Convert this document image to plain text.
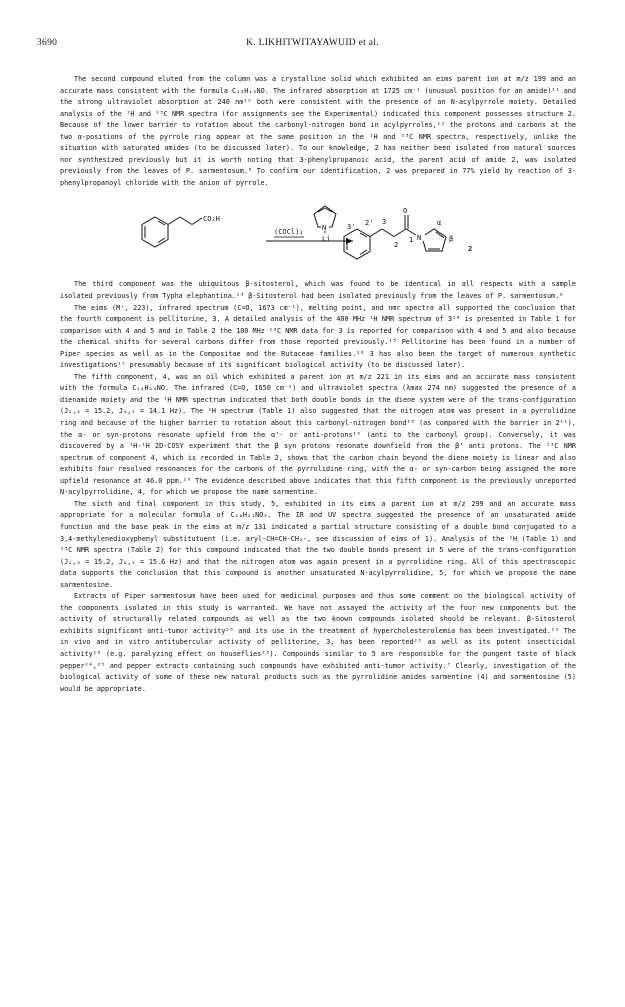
3690	K. LIKHITWITAYAWUID et al.

The second compound eluted from the column was a crystalline solid which exhibited an eims parent ion at m/z 199 and an accurate mass consistent with the formula C₁₃H₁₃NO. The infrared absorption at 1725 cm⁻¹ (unusual position for an amide)¹¹ and the strong ultraviolet absorption at 240 nm¹² both were consistent with the presence of an N-acylpyrrole moiety. Detailed analysis of the ¹H and ¹³C NMR spectra (for assignments see the Experimental) indicated this component possesses structure 2. Because of the lower barrier to rotation about the carbonyl-nitrogen bond in acylpyrroles,¹¹ the protons and carbons at the two α-positions of the pyrrole ring appear at the same position in the ¹H and ¹³C NMR spectra, respectively, unlike the situation with saturated amides (to be discussed later). To our knowledge, 2 has neither been isolated from natural sources nor synthesized previously but it is worth noting that 3-phenylpropanoic acid, the parent acid of amide 2, was isolated previously from the leaves of P. sarmentosum.⁶ To confirm our identification, 2 was prepared in 77% yield by reaction of 3-phenylpropanoyl chloride with the anion of pyrrole.

CO₂H
(COCl)₂	N
Li
3' 2' 3
2
1
O
N
α
β
2

The third component was the ubiquitous β-sitosterol, which was found to be identical in all respects with a sample isolated previously from Typha elephantina.¹³ β-Sitosterol had been isolated previously from the leaves of P. sarmentosum.⁶

The eims (M⁺, 223), infrared spectrum (C=O, 1673 cm⁻¹), melting point, and nmr spectra all supported the conclusion that the fourth component is pellitorine, 3. A detailed analysis of the 400 MHz ¹H NMR spectrum of 3¹⁴ is presented in Table 1 for comparison with 4 and 5 and in Table 2 the 100 MHz ¹³C NMR data for 3 is reported for comparison with 4 and 5 and also because the chemical shifts for several carbons differ from those reported previously.¹⁵ Pellitorine has been found in a number of Piper species as well as in the Compositae and the Rutaceae families.¹⁶ 3 has also been the target of numerous synthetic investigations¹⁷ presumably because of its significant biological activity (to be discussed later).

The fifth component, 4, was an oil which exhibited a parent ion at m/z 221 in its eims and an accurate mass consistent with the formula C₁₄H₂₃NO. The infrared (C=O, 1650 cm⁻¹) and ultraviolet spectra (λmax 274 nm) suggested the presence of a dienamide moiety and the ¹H NMR spectrum indicated that both double bonds in the diene system were of the trans-configuration (J₂,₃ = 15.2, J₄,₅ = 14.1 Hz). The ¹H spectrum (Table 1) also suggested that the nitrogen atom was present in a pyrrolidine ring and because of the higher barrier to rotation about this carbonyl-nitrogen bond¹⁸ (as compared with the barrier in 2¹¹), the α- or syn-protons resonate upfield from the α'- or anti-protons¹⁹ (anti to the carbonyl group). Conversely, it was discovered by a ¹H-¹H 2D-COSY experiment that the β syn protons resonate downfield from the β' anti protons. The ¹³C NMR spectrum of component 4, which is recorded in Table 2, shows that the carbon chain beyond the diene moiety is linear and also exhibits four resolved resonances for the carbons of the pyrrolidine ring, with the α- or syn-carbon being assigned the more upfield resonance at 46.0 ppm.¹⁹ The evidence described above indicates that this fifth component is the previously unreported N-acylpyrrolidine, 4, for which we propose the name sarmentine.

The sixth and final component in this study, 5, exhibited in its eims a parent ion at m/z 299 and an accurate mass appropriate for a molecular formula of C₁₈H₂₁NO₃. The IR and UV spectra suggested the presence of an unsaturated amide function and the base peak in the eims at m/z 131 indicated a partial structure consisting of a double bond conjugated to a 3,4-methylenedioxyphenyl substitutuent (i.e. aryl-CH=CH-CH₂-, see discussion of eims of 1). Analysis of the ¹H (Table 1) and ¹³C NMR spectra (Table 2) for this compound indicated that the two double bonds present in 5 were of the trans-configuration (J₂,₃ = 15.2, J₈,₉ = 15.6 Hz) and that the nitrogen atom was again present in a pyrrolidine ring. All of this spectroscopic data supports the conclusion that this compound is another unsaturated N-acylpyrrolidine, 5, for which we propose the name sarmentosine.

Extracts of Piper sarmentosum have been used for medicinal purposes and thus some comment on the biological activity of the components isolated in this study is warranted. We have not assayed the activity of the four new components but the activity of structurally related compounds as well as the two known compounds isolated should be relevant. β-Sitosterol exhibits significant anti-tumor activity²⁰ and its use in the treatment of hypercholesterolemia has been investigated.²¹ The in vivo and in vitro antitubercular activity of pellitorine, 3, has been reported²² as well as its potent insecticidal activity¹⁶ (e.g. paralyzing effect on houseflies²³). Compounds similar to 5 are responsible for the pungent taste of black pepper²⁴,²⁵ and pepper extracts containing such compounds have exhibited anti-tumor activity.⁷ Clearly, investigation of the biological activity of some of these new natural products such as the pyrrolidine amides sarmentine (4) and sarmentosine (5) would be appropriate.
